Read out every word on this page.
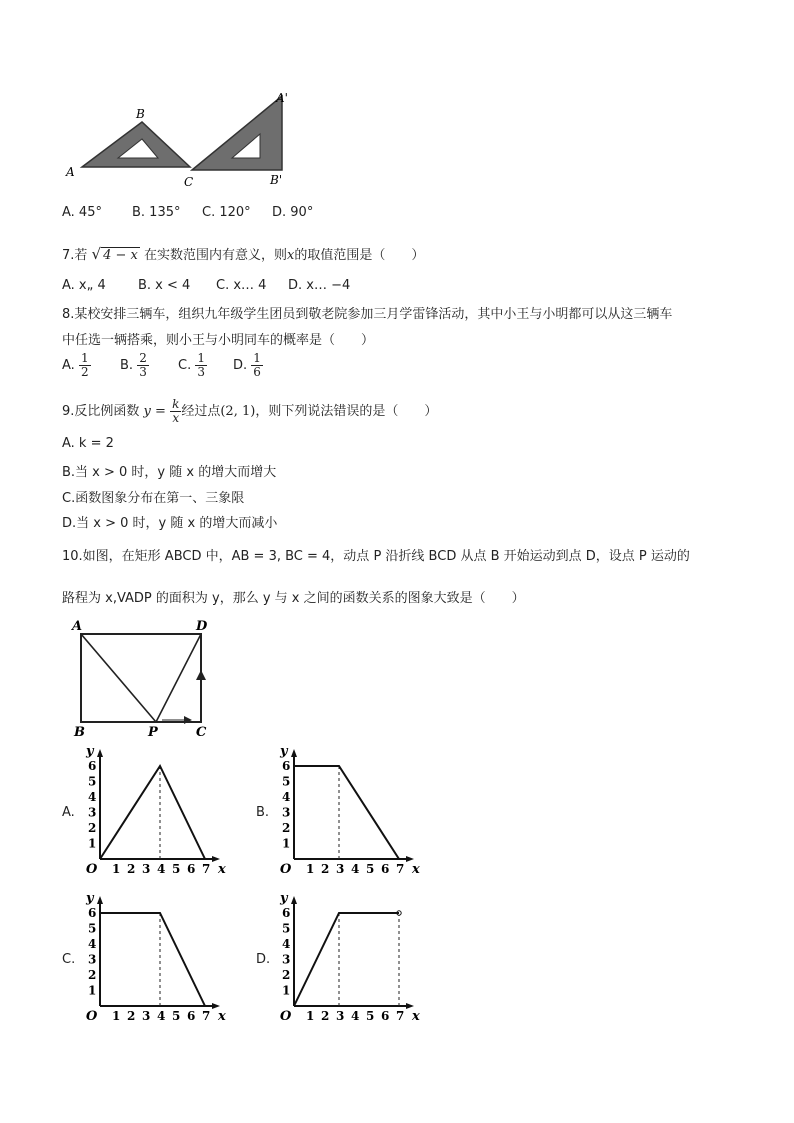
A
B
C
A'
B'
A. 45° B. 135° C. 120° D. 90°
7.若 √ 4 − x 在实数范围内有意义，则x的取值范围是（　　）
A. x„ 4 B. x < 4 C. x… 4 D. x… −4
8.某校安排三辆车，组织九年级学生团员到敬老院参加三月学雷锋活动，其中小王与小明都可以从这三辆车
中任选一辆搭乘，则小王与小明同车的概率是（　　）
A. $\frac{1}{2} B$. $\frac{2}{3} C$. $\frac{1}{3} D$. $\frac{1}{6}$
9.反比例函数 $y = \frac{k}{x}$ 经过点(2, 1)，则下列说法错误的是（　　）
A. k = 2
B.当 x > 0 时，y 随 x 的增大而增大
C.函数图象分布在第一、三象限
D.当 x > 0 时，y 随 x 的增大而减小
10.如图，在矩形 ABCD 中，AB = 3, BC = 4，动点 P 沿折线 BCD 从点 B 开始运动到点 D，设点 P 运动的
路程为 x,VADP 的面积为 y，那么 y 与 x 之间的函数关系的图象大致是（　　）
A	D
B	P	C
A.
y
x
O 1 2 3 4 5 6 7
1
2
3
4
5
6
B.
y
x
O 1 2 3 4 5 6 7
1
2
3
4
5
6
C.
y
x
O 1 2 3 4 5 6 7
1
2
3
4
5
6
D.
y
x
O 1 2 3 4 5 6 7
1
2
3
4
5
6
